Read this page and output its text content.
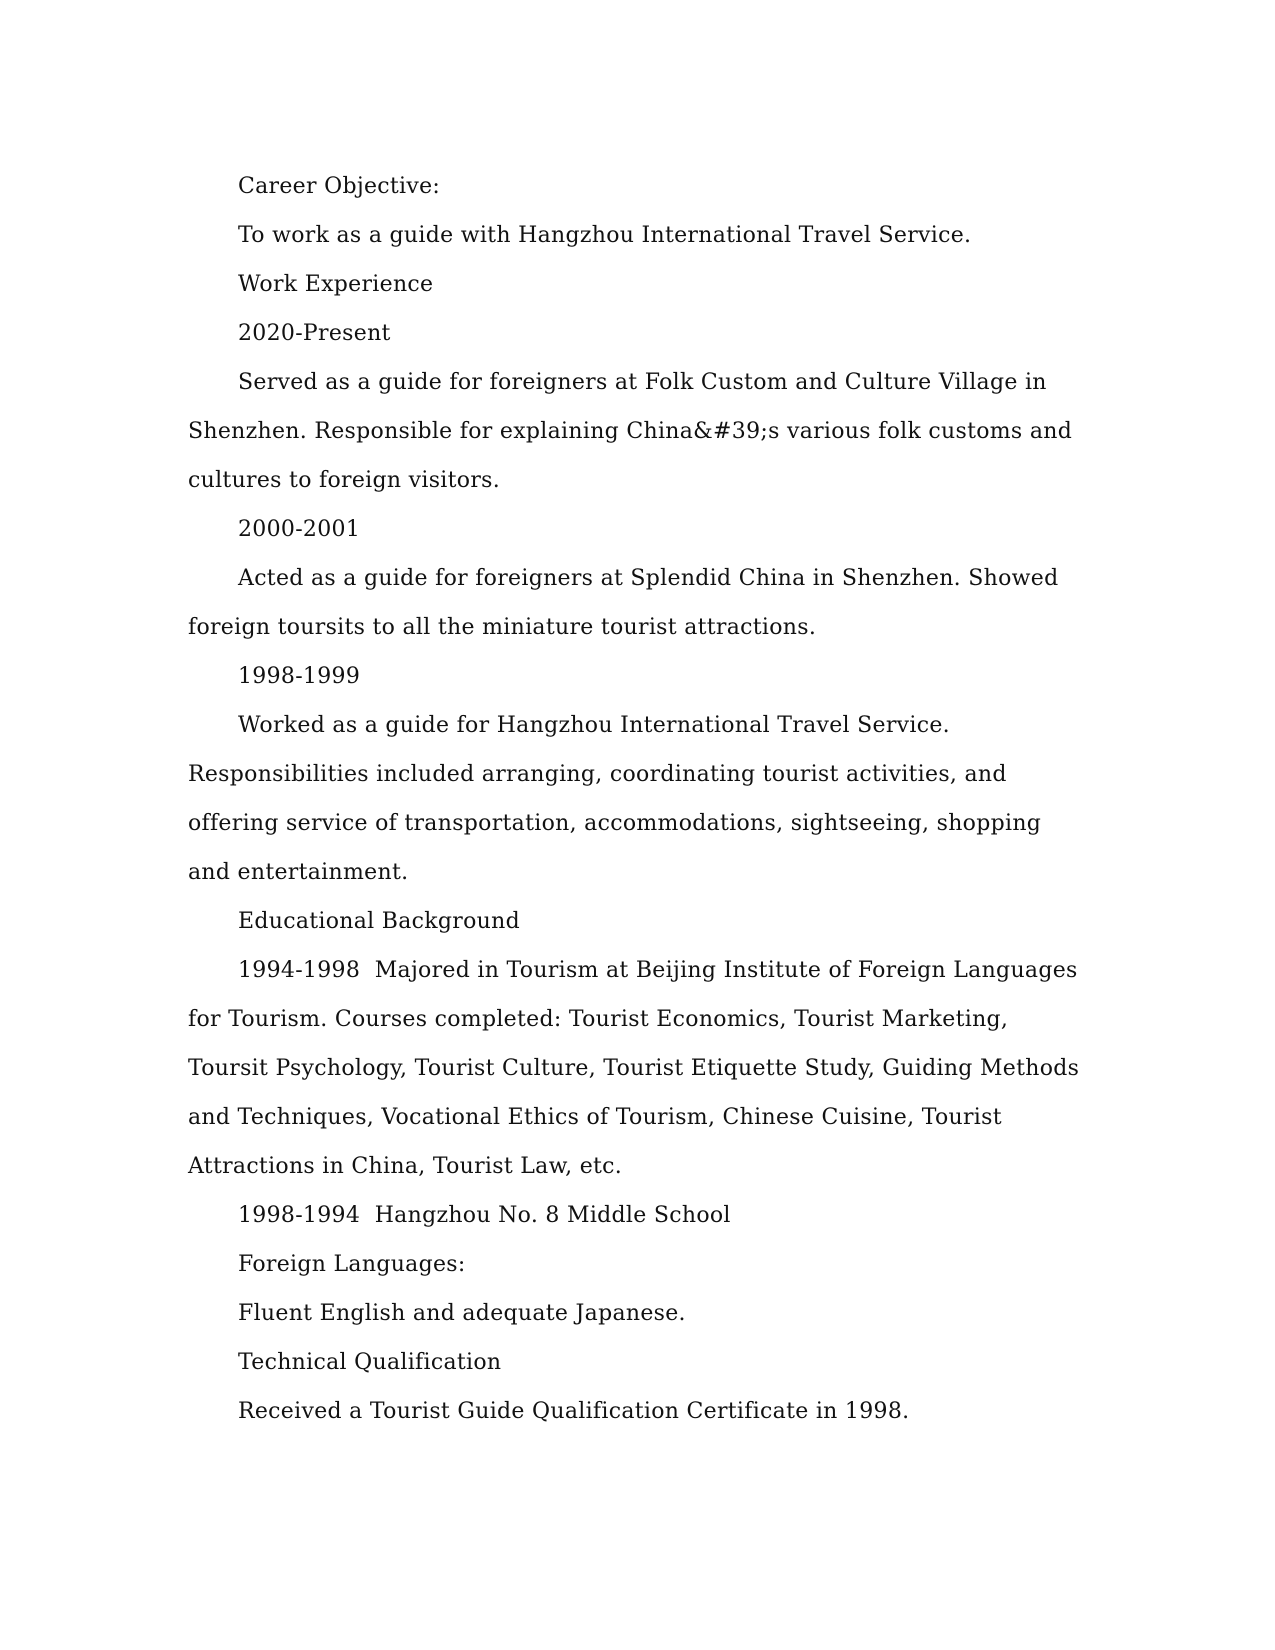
Career Objective:

To work as a guide with Hangzhou International Travel Service.

Work Experience

2020-Present

Served as a guide for foreigners at Folk Custom and Culture Village in Shenzhen. Responsible for explaining China&#39;s various folk customs and cultures to foreign visitors.

2000-2001

Acted as a guide for foreigners at Splendid China in Shenzhen. Showed foreign toursits to all the miniature tourist attractions.

1998-1999

Worked as a guide for Hangzhou International Travel Service. Responsibilities included arranging, coordinating tourist activities, and offering service of transportation, accommodations, sightseeing, shopping and entertainment.

Educational Background

1994-1998  Majored in Tourism at Beijing Institute of Foreign Languages for Tourism. Courses completed: Tourist Economics, Tourist Marketing, Toursit Psychology, Tourist Culture, Tourist Etiquette Study, Guiding Methods and Techniques, Vocational Ethics of Tourism, Chinese Cuisine, Tourist Attractions in China, Tourist Law, etc.

1998-1994  Hangzhou No. 8 Middle School

Foreign Languages:

Fluent English and adequate Japanese.

Technical Qualification

Received a Tourist Guide Qualification Certificate in 1998.
